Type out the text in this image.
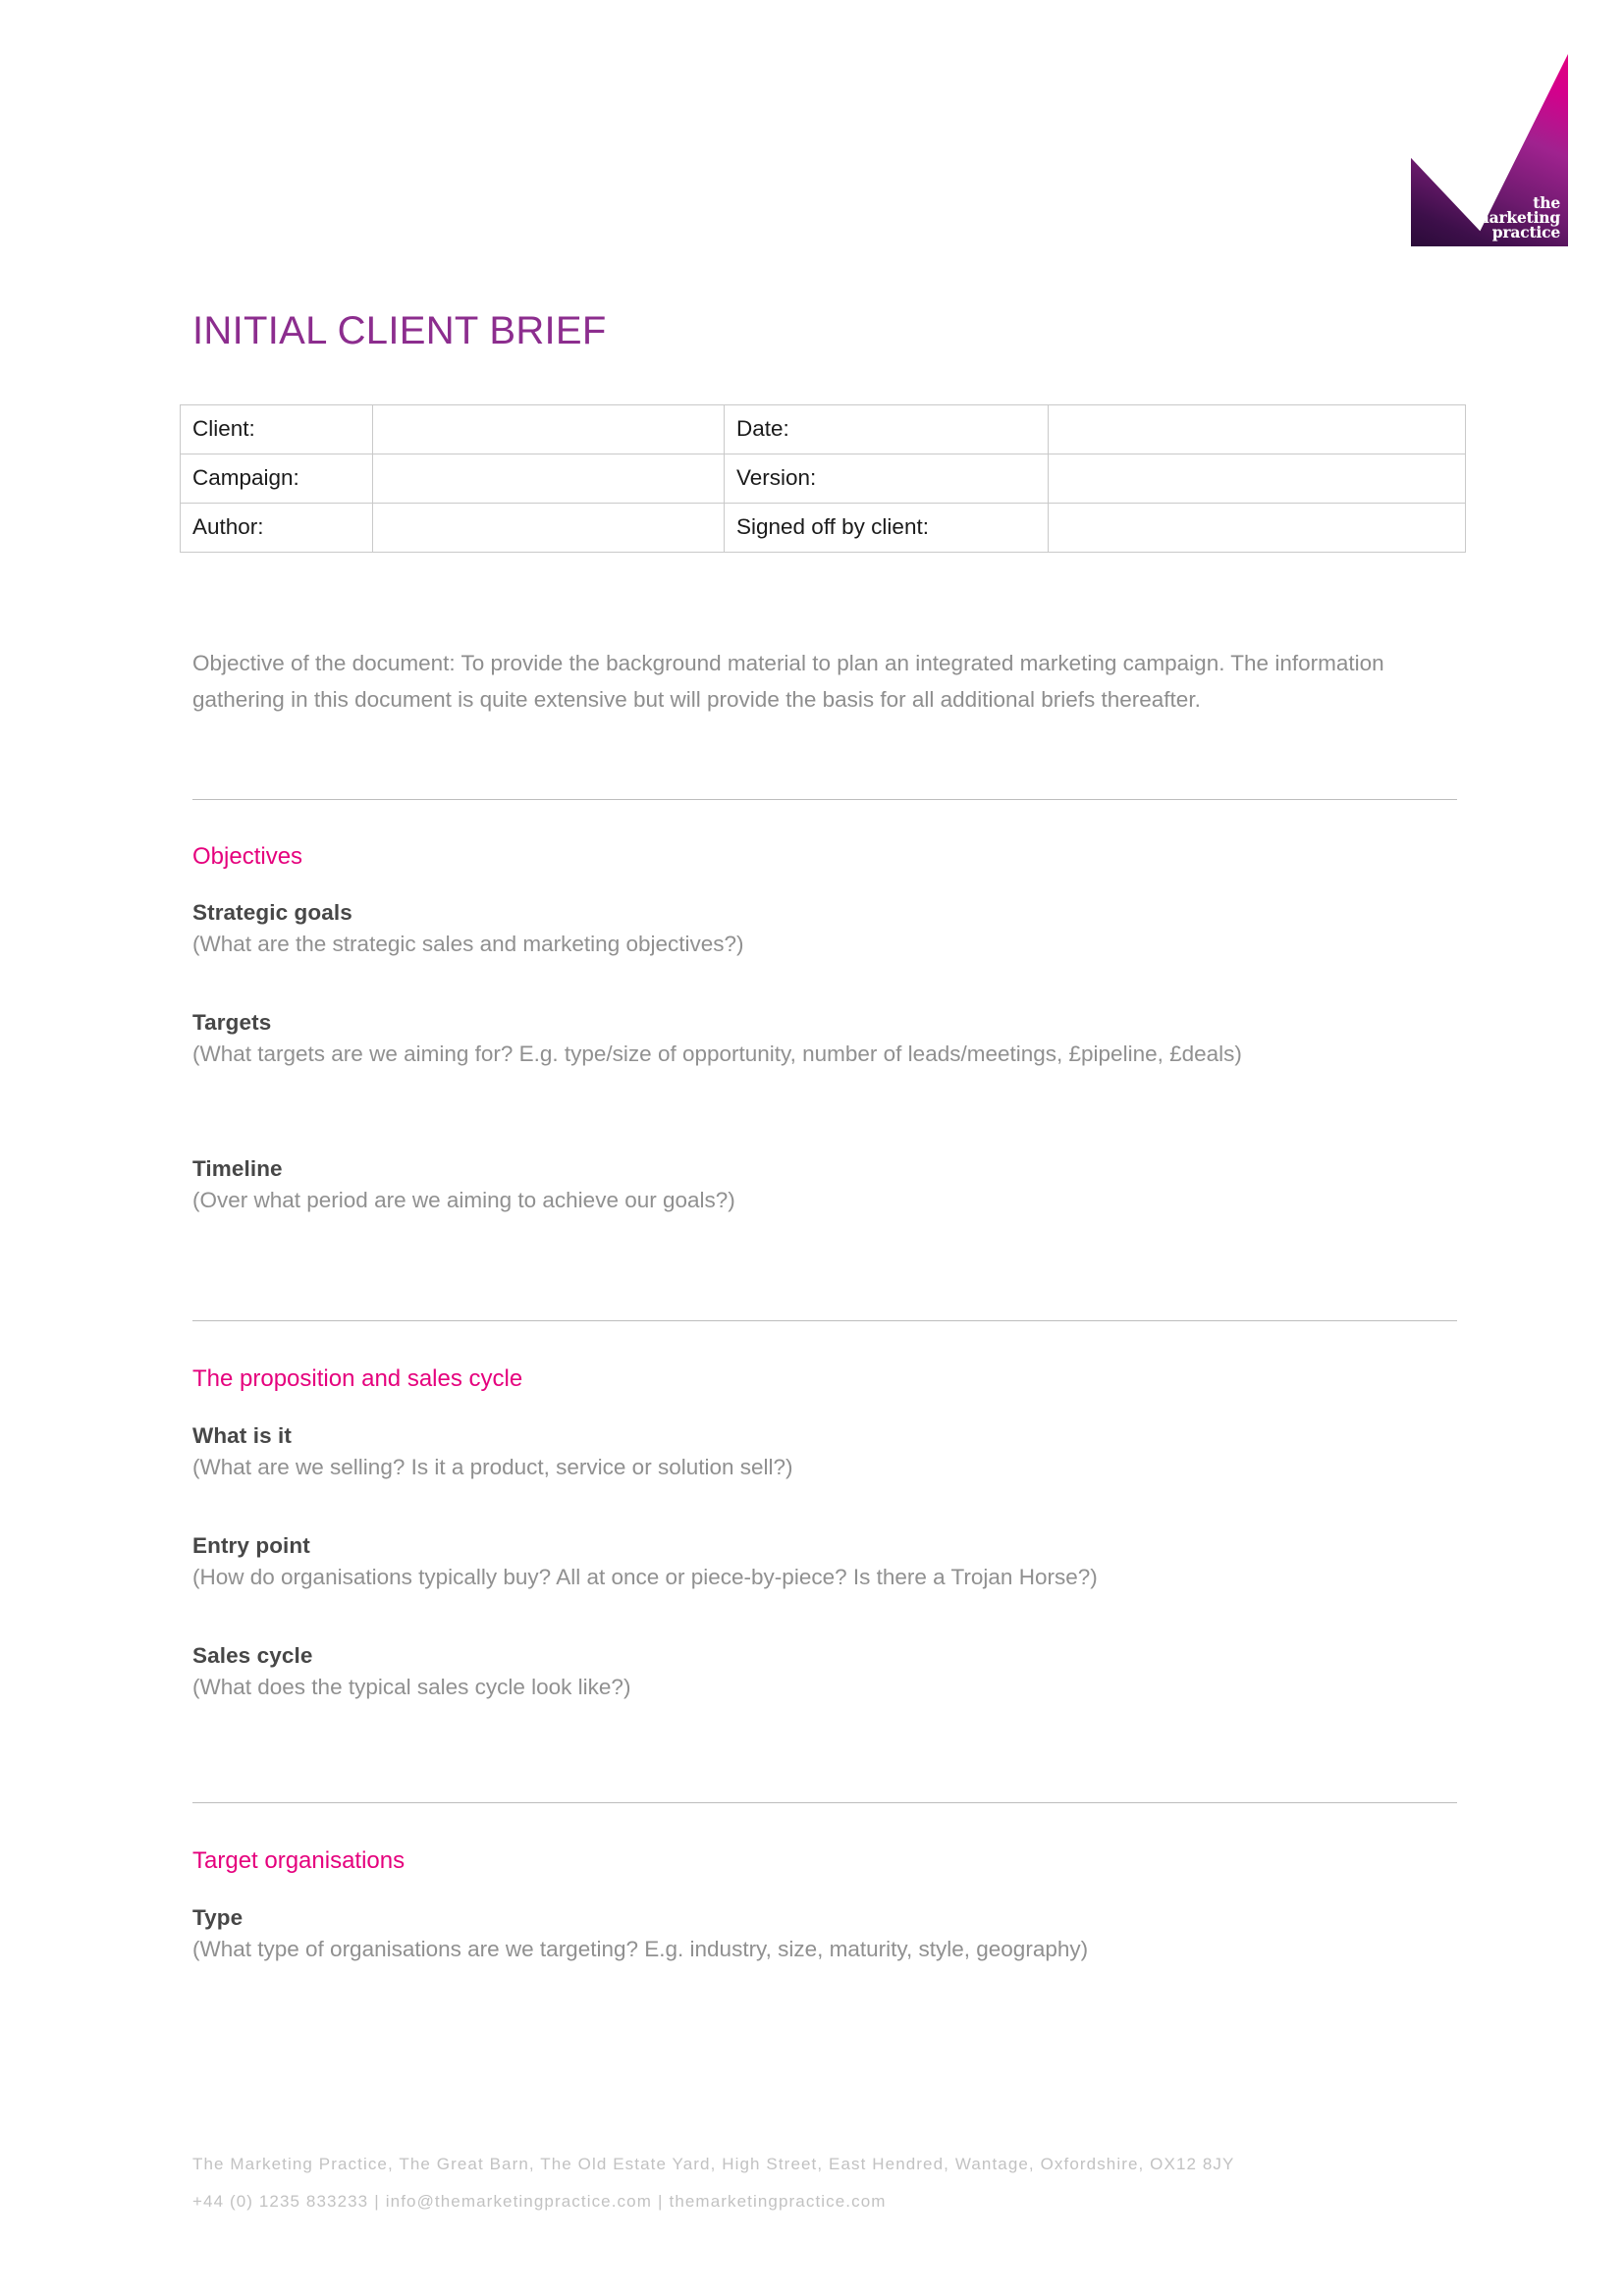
the
marketing
practice
INITIAL CLIENT BRIEF
Client:		Date:	
Campaign:		Version:	
Author:		Signed off by client:	

Objective of the document: To provide the background material to plan an integrated marketing campaign. The information gathering in this document is quite extensive but will provide the basis for all additional briefs thereafter.

Objectives
Strategic goals

(What are the strategic sales and marketing objectives?)

Targets

(What targets are we aiming for? E.g. type/size of opportunity, number of leads/meetings, £pipeline, £deals)

Timeline

(Over what period are we aiming to achieve our goals?)

The proposition and sales cycle
What is it

(What are we selling? Is it a product, service or solution sell?)

Entry point

(How do organisations typically buy? All at once or piece-by-piece? Is there a Trojan Horse?)

Sales cycle

(What does the typical sales cycle look like?)

Target organisations
Type

(What type of organisations are we targeting? E.g. industry, size, maturity, style, geography)

The Marketing Practice, The Great Barn, The Old Estate Yard, High Street, East Hendred, Wantage, Oxfordshire, OX12 8JY
+44 (0) 1235 833233 | info@themarketingpractice.com | themarketingpractice.com
